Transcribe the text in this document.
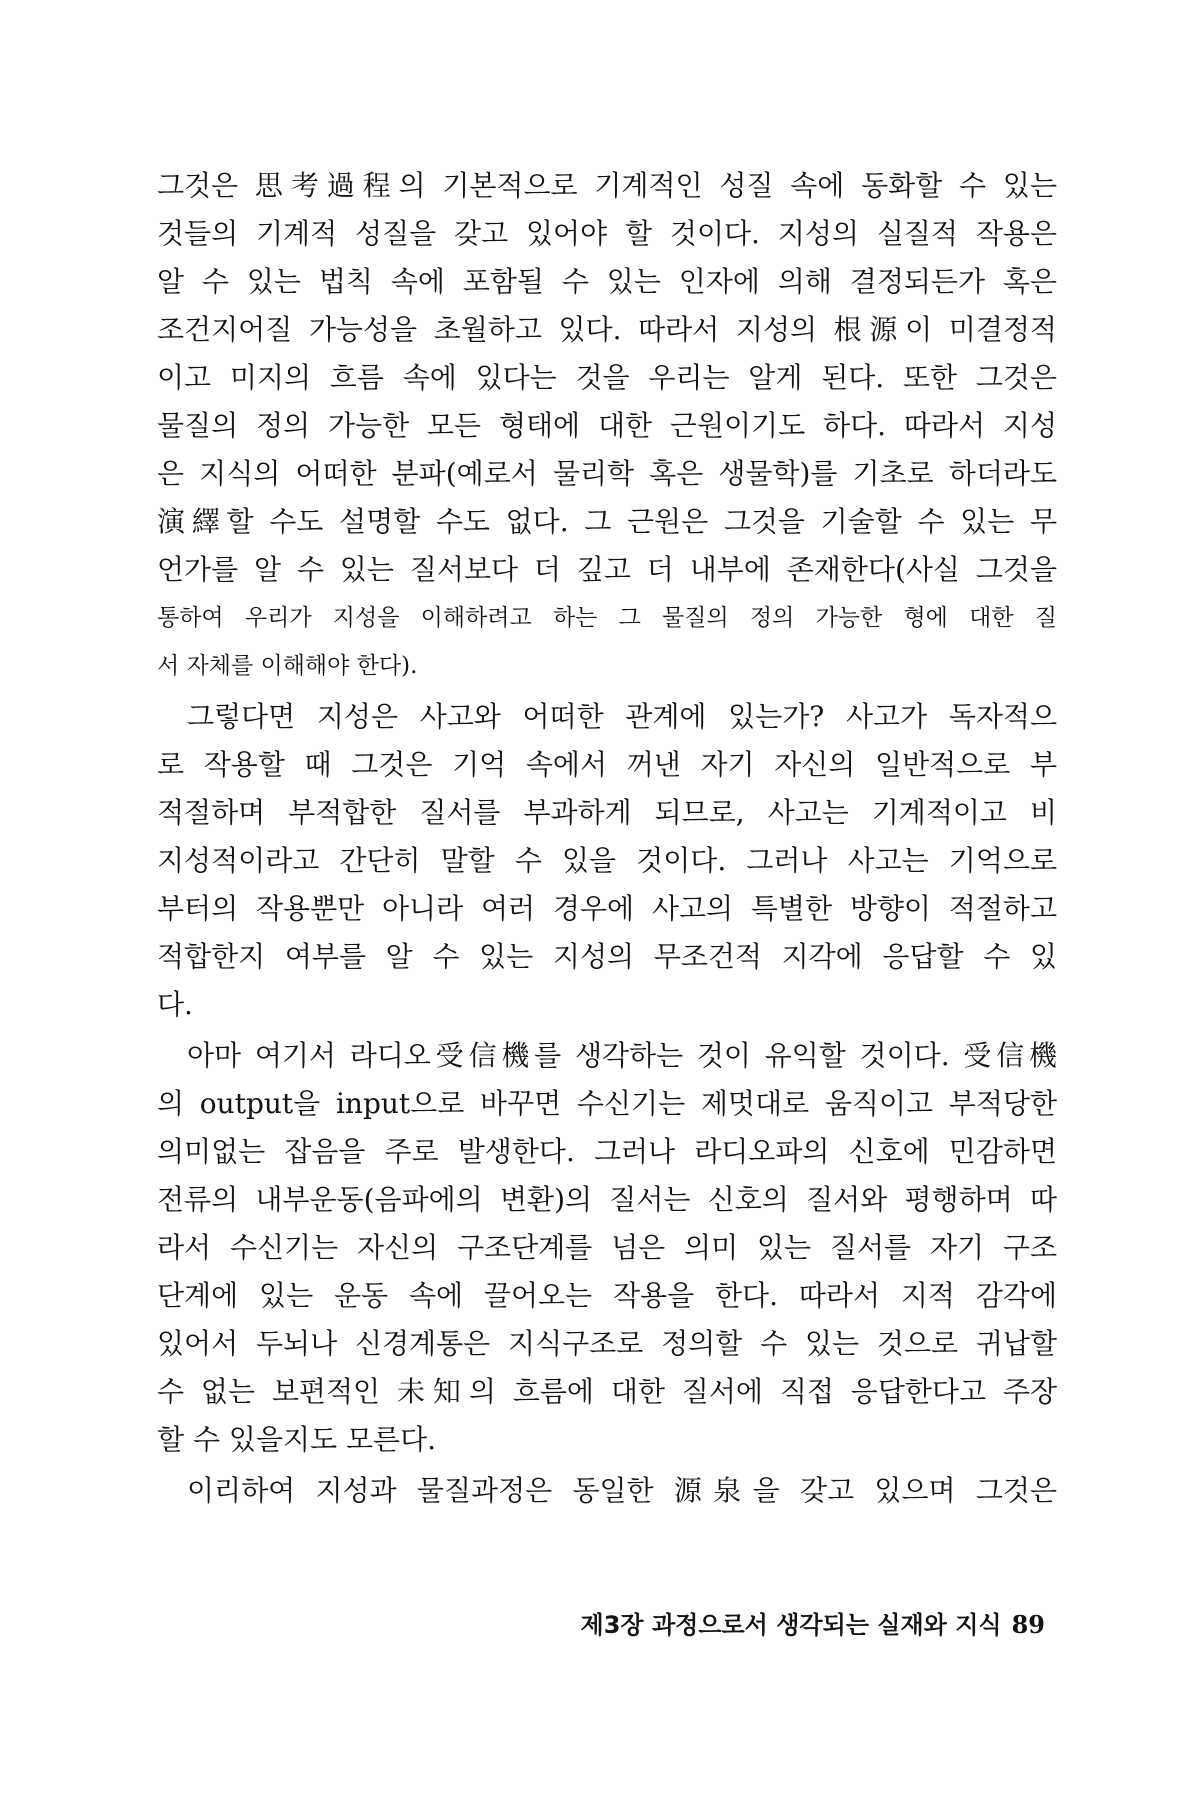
그것은 思考過程의 기본적으로 기계적인 성질 속에 동화할 수 있는
것들의 기계적 성질을 갖고 있어야 할 것이다. 지성의 실질적 작용은
알 수 있는 법칙 속에 포함될 수 있는 인자에 의해 결정되든가 혹은
조건지어질 가능성을 초월하고 있다. 따라서 지성의 根源이 미결정적
이고 미지의 흐름 속에 있다는 것을 우리는 알게 된다. 또한 그것은
물질의 정의 가능한 모든 형태에 대한 근원이기도 하다. 따라서 지성
은 지식의 어떠한 분파(예로서 물리학 혹은 생물학)를 기초로 하더라도
演繹할 수도 설명할 수도 없다. 그 근원은 그것을 기술할 수 있는 무
언가를 알 수 있는 질서보다 더 깊고 더 내부에 존재한다(사실 그것을
통하여 우리가 지성을 이해하려고 하는 그 물질의 정의 가능한 형에 대한 질
서 자체를 이해해야 한다).
그렇다면 지성은 사고와 어떠한 관계에 있는가? 사고가 독자적으
로 작용할 때 그것은 기억 속에서 꺼낸 자기 자신의 일반적으로 부
적절하며 부적합한 질서를 부과하게 되므로, 사고는 기계적이고 비
지성적이라고 간단히 말할 수 있을 것이다. 그러나 사고는 기억으로
부터의 작용뿐만 아니라 여러 경우에 사고의 특별한 방향이 적절하고
적합한지 여부를 알 수 있는 지성의 무조건적 지각에 응답할 수 있
다.
아마 여기서 라디오受信機를 생각하는 것이 유익할 것이다. 受信機
의 output을 input으로 바꾸면 수신기는 제멋대로 움직이고 부적당한
의미없는 잡음을 주로 발생한다. 그러나 라디오파의 신호에 민감하면
전류의 내부운동(음파에의 변환)의 질서는 신호의 질서와 평행하며 따
라서 수신기는 자신의 구조단계를 넘은 의미 있는 질서를 자기 구조
단계에 있는 운동 속에 끌어오는 작용을 한다. 따라서 지적 감각에
있어서 두뇌나 신경계통은 지식구조로 정의할 수 있는 것으로 귀납할
수 없는 보편적인 未知의 흐름에 대한 질서에 직접 응답한다고 주장
할 수 있을지도 모른다.
이리하여 지성과 물질과정은 동일한 源泉을 갖고 있으며 그것은
제3장 과정으로서 생각되는 실재와 지식 89
